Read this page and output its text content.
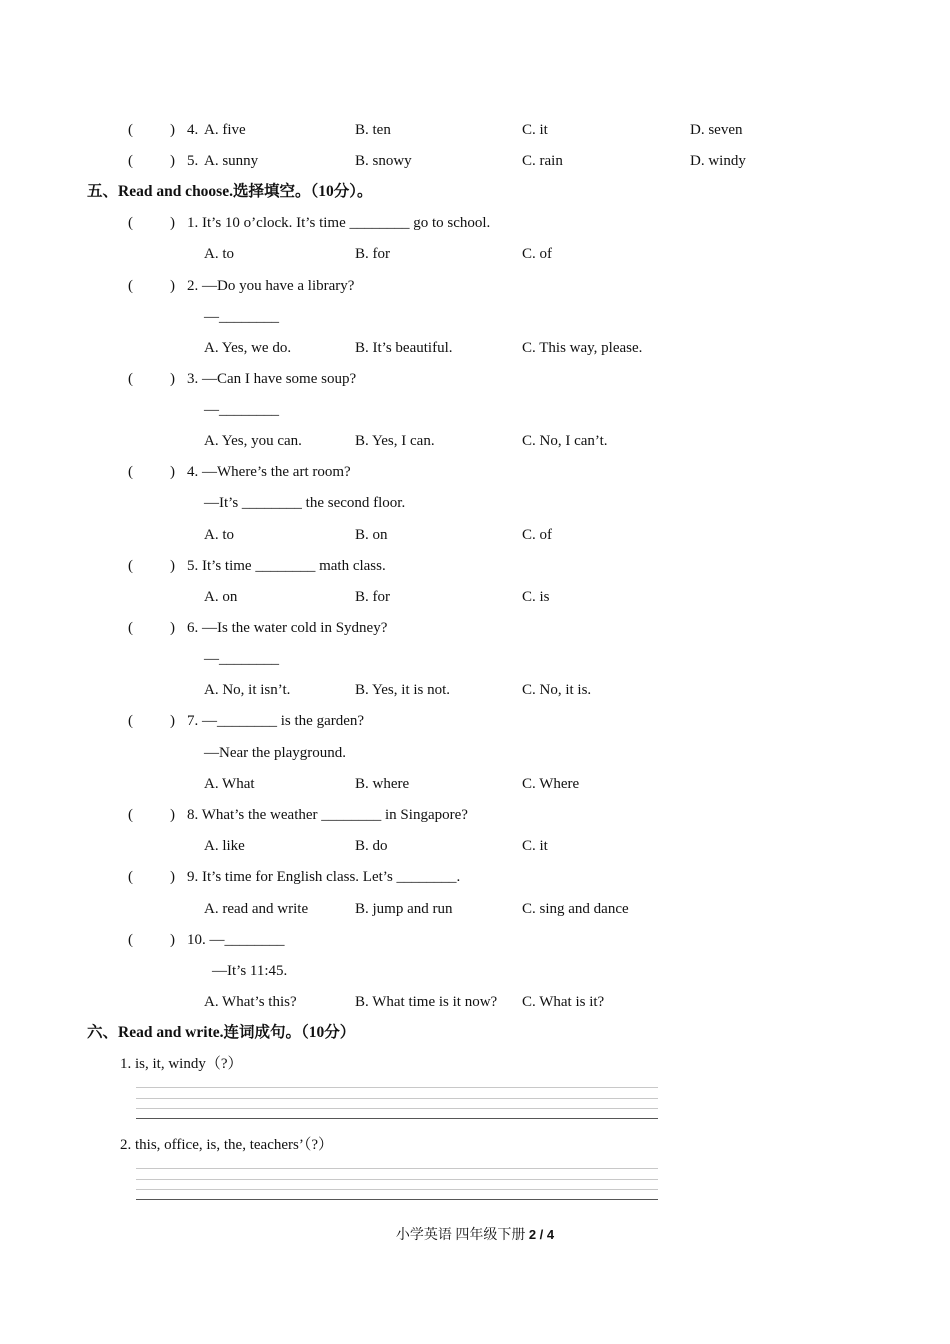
( ) 4. A. five	B. ten	C. it	D. seven
( ) 5. A. sunny	B. snowy	C. rain	D. windy
五、Read and choose.选择填空。（10分）。
( ) 1. It’s 10 o’clock. It’s time ________ go to school.
A. to	B. for	C. of
( ) 2. —Do you have a library?
—________
A. Yes, we do.	B. It’s beautiful.	C. This way, please.
( ) 3. —Can I have some soup?
—________
A. Yes, you can.	B. Yes, I can.	C. No, I can’t.
( ) 4. —Where’s the art room?
—It’s ________ the second floor.
A. to	B. on	C. of
( ) 5. It’s time ________ math class.
A. on	B. for	C. is
( ) 6. —Is the water cold in Sydney?
—________
A. No, it isn’t.	B. Yes, it is not.	C. No, it is.
( ) 7. —________ is the garden?
—Near the playground.
A. What	B. where	C. Where
( ) 8. What’s the weather ________ in Singapore?
A. like	B. do	C. it
( ) 9. It’s time for English class. Let’s ________.
A. read and write	B. jump and run	C. sing and dance
( ) 10. —________
—It’s 11:45.
A. What’s this?	B. What time is it now? C. What is it?
六、Read and write.连词成句。（10分）
1. is, it, windy（?）
2. this, office, is, the, teachers’（?）
小学英语 四年级下册 2 / 4
